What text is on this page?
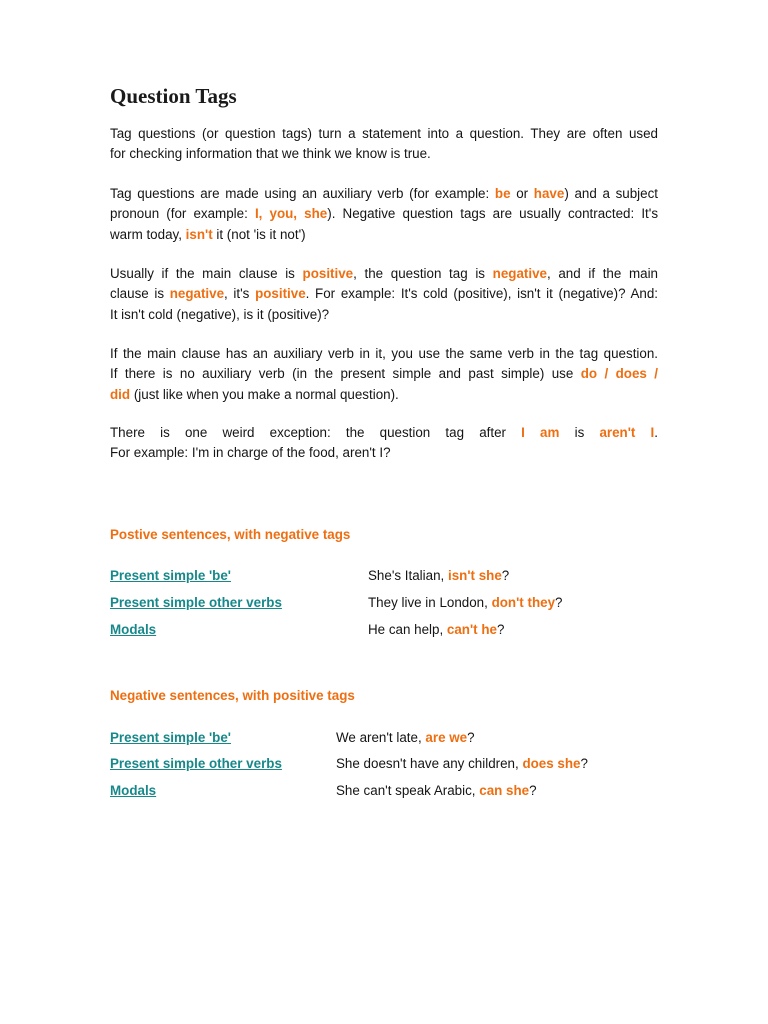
Question Tags
Tag questions (or question tags) turn a statement into a question. They are often used
for checking information that we think we know is true.
Tag questions are made using an auxiliary verb (for example: be or have) and a subject
pronoun (for example: I, you, she). Negative question tags are usually contracted: It's
warm today, isn't it (not 'is it not')
Usually if the main clause is positive, the question tag is negative, and if the main
clause is negative, it's positive. For example: It's cold (positive), isn't it (negative)? And:
It isn't cold (negative), is it (positive)?
If the main clause has an auxiliary verb in it, you use the same verb in the tag question.
If there is no auxiliary verb (in the present simple and past simple) use do / does /
did (just like when you make a normal question).
There is one weird exception: the question tag after I am is aren't I.
For example: I'm in charge of the food, aren't I?
Postive sentences, with negative tags
Present simple 'be'	She's Italian, isn't she?
Present simple other verbs	They live in London, don't they?
Modals	He can help, can't he?
Negative sentences, with positive tags
Present simple 'be'	We aren't late, are we?
Present simple other verbs	She doesn't have any children, does she?
Modals	She can't speak Arabic, can she?
